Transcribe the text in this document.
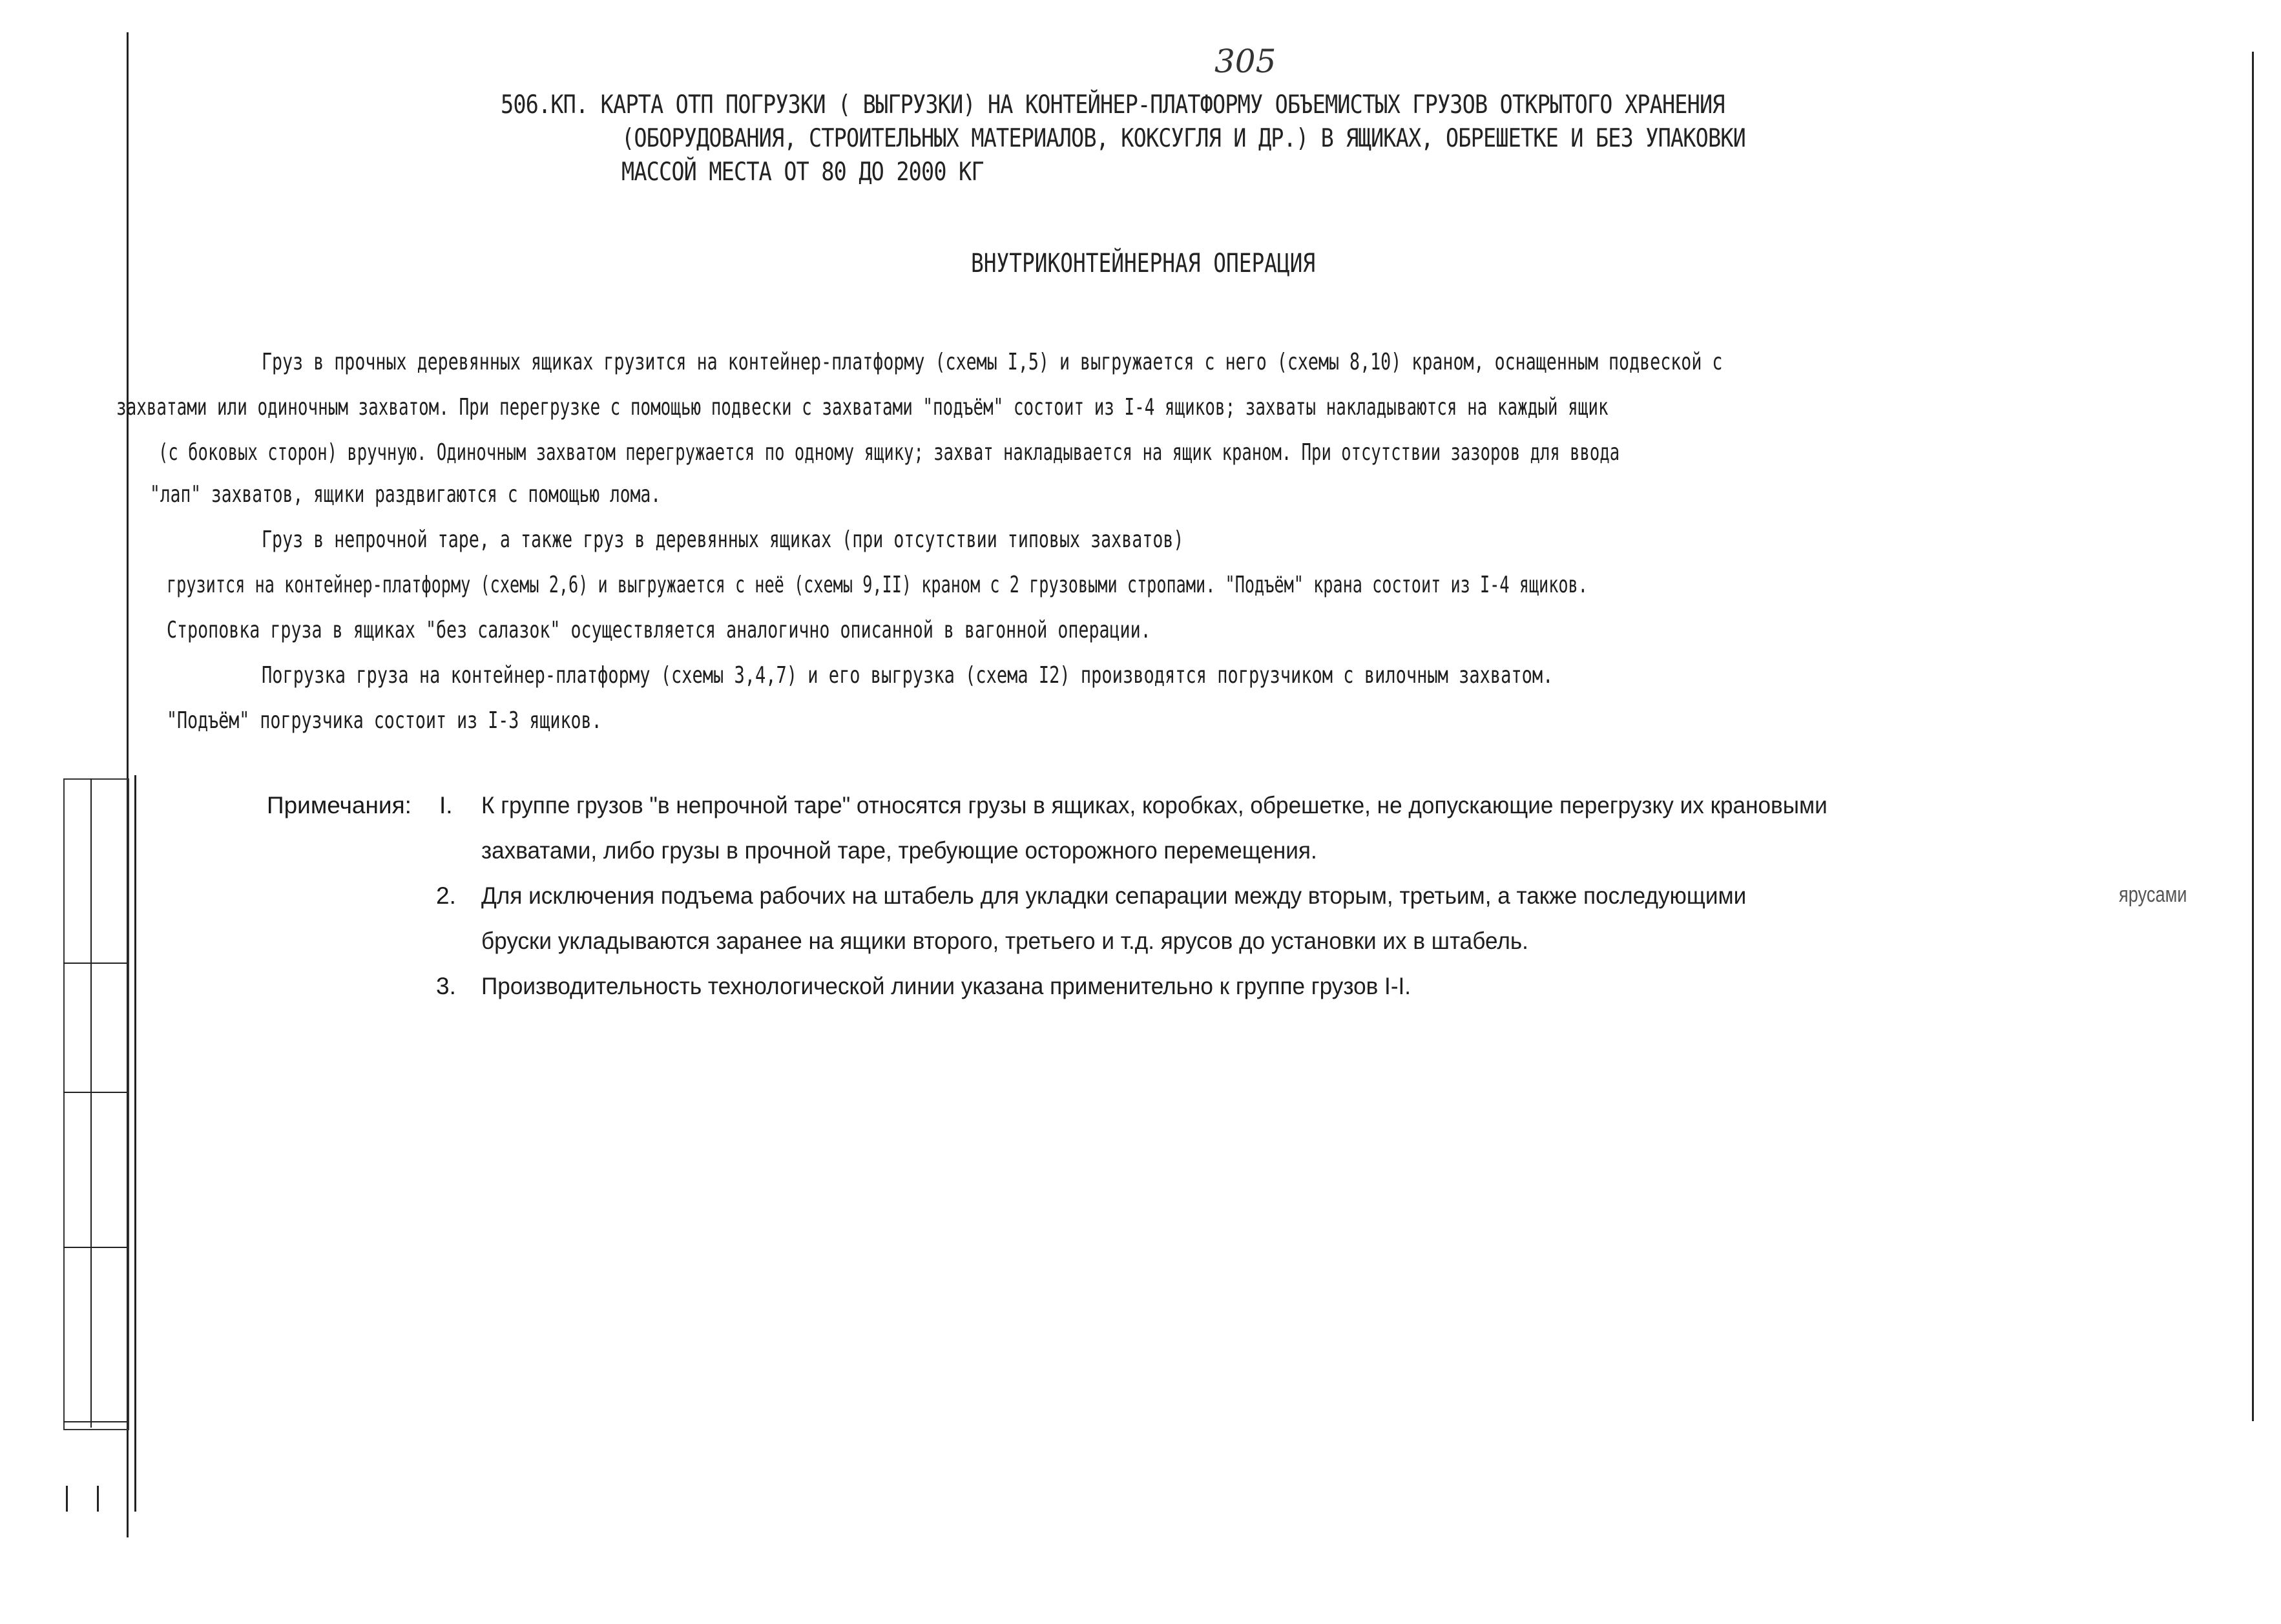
305
506.КП. КАРТА ОТП ПОГРУЗКИ ( ВЫГРУЗКИ) НА КОНТЕЙНЕР-ПЛАТФОРМУ ОБЪЕМИСТЫХ ГРУЗОВ ОТКРЫТОГО ХРАНЕНИЯ
(ОБОРУДОВАНИЯ, СТРОИТЕЛЬНЫХ МАТЕРИАЛОВ, КОКСУГЛЯ И ДР.) В ЯЩИКАХ, ОБРЕШЕТКЕ И БЕЗ УПАКОВКИ
МАССОЙ МЕСТА ОТ 80 ДО 2000 КГ
ВНУТРИКОНТЕЙНЕРНАЯ ОПЕРАЦИЯ
Груз в прочных деревянных ящиках грузится на контейнер-платформу (схемы I,5) и выгружается с него (схемы 8,10) краном, оснащенным подвеской с
захватами или одиночным захватом. При перегрузке с помощью подвески с захватами "подъём" состоит из I-4 ящиков; захваты накладываются на каждый ящик
(с боковых сторон) вручную. Одиночным захватом перегружается по одному ящику; захват накладывается на ящик краном. При отсутствии зазоров для ввода
"лап" захватов, ящики раздвигаются с помощью лома.
Груз в непрочной таре, а также груз в деревянных ящиках (при отсутствии типовых захватов)
грузится на контейнер-платформу (схемы 2,6) и выгружается с неё (схемы 9,II) краном с 2 грузовыми стропами. "Подъём" крана состоит из I-4 ящиков.
Строповка груза в ящиках "без салазок" осуществляется аналогично описанной в вагонной операции.
Погрузка груза на контейнер-платформу (схемы 3,4,7) и его выгрузка (схема I2) производятся погрузчиком с вилочным захватом.
"Подъём" погрузчика состоит из I-3 ящиков.
Примечания: I. К группе грузов "в непрочной таре" относятся грузы в ящиках, коробках, обрешетке, не допускающие перегрузку их крановыми
захватами, либо грузы в прочной таре, требующие осторожного перемещения.
2. Для исключения подъема рабочих на штабель для укладки сепарации между вторым, третьим, а также последующими	ярусами
бруски укладываются заранее на ящики второго, третьего и т.д. ярусов до установки их в штабель.
3. Производительность технологической линии указана применительно к группе грузов I-I.
